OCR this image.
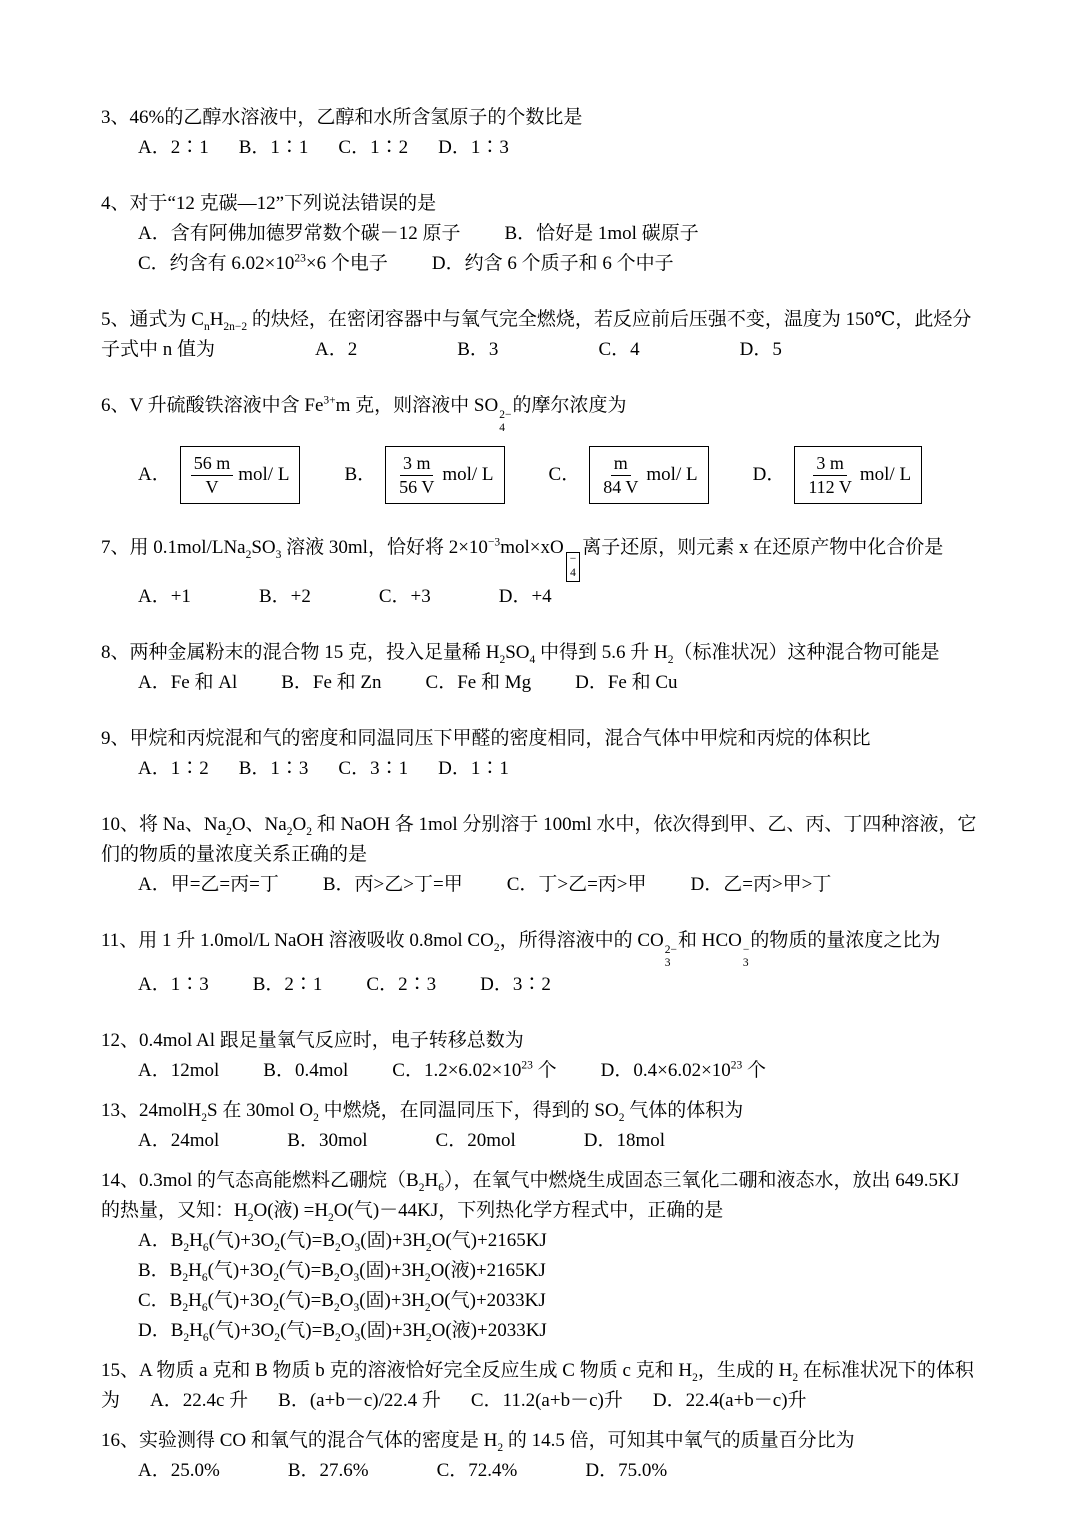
3、46%的乙醇水溶液中，乙醇和水所含氢原子的个数比是
A．2∶1 B．1∶1 C．1∶2 D．1∶3
4、对于“12 克碳—12”下列说法错误的是
A．含有阿佛加德罗常数个碳－12 原子 B．恰好是 1mol 碳原子
C．约含有 $6.02\times 10^{23}\times 6$ 个电子 D．约含 6 个质子和 6 个中子
5、通式为 $C_nH_{2n-2}$ 的炔烃，在密闭容器中与氧气完全燃烧，若反应前后压强不变，温度为 150℃，此烃分
子式中 n 值为	A．2	B．3	C．4	D．5
6、V 升硫酸铁溶液中含 $Fe^{3+}m$ 克，则溶液中 SO 2−
4
的摩尔浓度为
A． $\frac{56 m}{V} mol/$ L	B． $\frac{3 m}{56 V} mol/$ L	C． $\frac{m}{84 V} mol/$ L	D． $\frac{3 m}{112 V} mol/$ L
7、用 $0.1mol/LNa_2SO_3$ 溶液 30ml，恰好将 $2\times 10^{-3}mol\times xO$
−
4
离子还原，则元素 x 在还原产物中化合价是
A．+1	B．+2	C．+3	D．+4
8、两种金属粉末的混合物 15 克，投入足量稀 $H_2SO_4$ 中得到 5.6 升 $H_2$（标准状况）这种混合物可能是
A．Fe 和 Al B．Fe 和 Zn C．Fe 和 Mg D．Fe 和 Cu
9、甲烷和丙烷混和气的密度和同温同压下甲醛的密度相同，混合气体中甲烷和丙烷的体积比
A．1∶2 B．1∶3 C．3∶1 D．1∶1
10、将 Na、$Na_2O$、$Na_2O_2$ 和 NaOH 各 1mol 分别溶于 100ml 水中，依次得到甲、乙、丙、丁四种溶液，它
们的物质的量浓度关系正确的是
A．甲=乙=丙=丁 B．丙>乙>丁=甲 C．丁>乙=丙>甲 D．乙=丙>甲>丁
11、用 1 升 1.0mol/L NaOH 溶液吸收 0.8mol $CO_2$，所得溶液中的 CO 2−
3
和 HCO −
3
的物质的量浓度之比为
A．1∶3 B．2∶1 C．2∶3 D．3∶2
12、0.4mol Al 跟足量氧气反应时，电子转移总数为
A．12mol B．0.4mol C．$1.2\times 6.02\times 10^{23}$ 个 D．$0.4\times 6.02\times 10^{23}$ 个
13、24molH$_2$S 在 30mol $O_2$ 中燃烧，在同温同压下，得到的 $SO_2$ 气体的体积为
A．24mol	B．30mol	C．20mol	D．18mol
14、0.3mol 的气态高能燃料乙硼烷$(B_2H_6)$，在氧气中燃烧生成固态三氧化二硼和液态水，放出 649.5KJ
的热量，又知：$H_2O$(液) $=H_2O$(气)－44KJ，下列热化学方程式中，正确的是
A．$B_2H_6$(气)$+3O_2$(气)$=B_2O_3$(固)$+3H_2O$(气)+2165KJ
B．$B_2H_6$(气)$+3O_2$(气)$=B_2O_3$(固)$+3H_2O$(液)+2165KJ
C．$B_2H_6$(气)$+3O_2$(气)$=B_2O_3$(固)$+3H_2O$(气)+2033KJ
D．$B_2H_6$(气)$+3O_2$(气)$=B_2O_3$(固)$+3H_2O$(液)+2033KJ
15、A 物质 a 克和 B 物质 b 克的溶液恰好完全反应生成 C 物质 c 克和 $H_2$，生成的 $H_2$ 在标准状况下的体积
为 A．22.4c 升 B．(a+b－c)/22.4 升 C．11.2(a+b－c)升 D．22.4(a+b－c)升
16、实验测得 CO 和氧气的混合气体的密度是 $H_2$ 的 14.5 倍，可知其中氧气的质量百分比为
A．25.0%	B．27.6%	C．72.4%	D．75.0%
